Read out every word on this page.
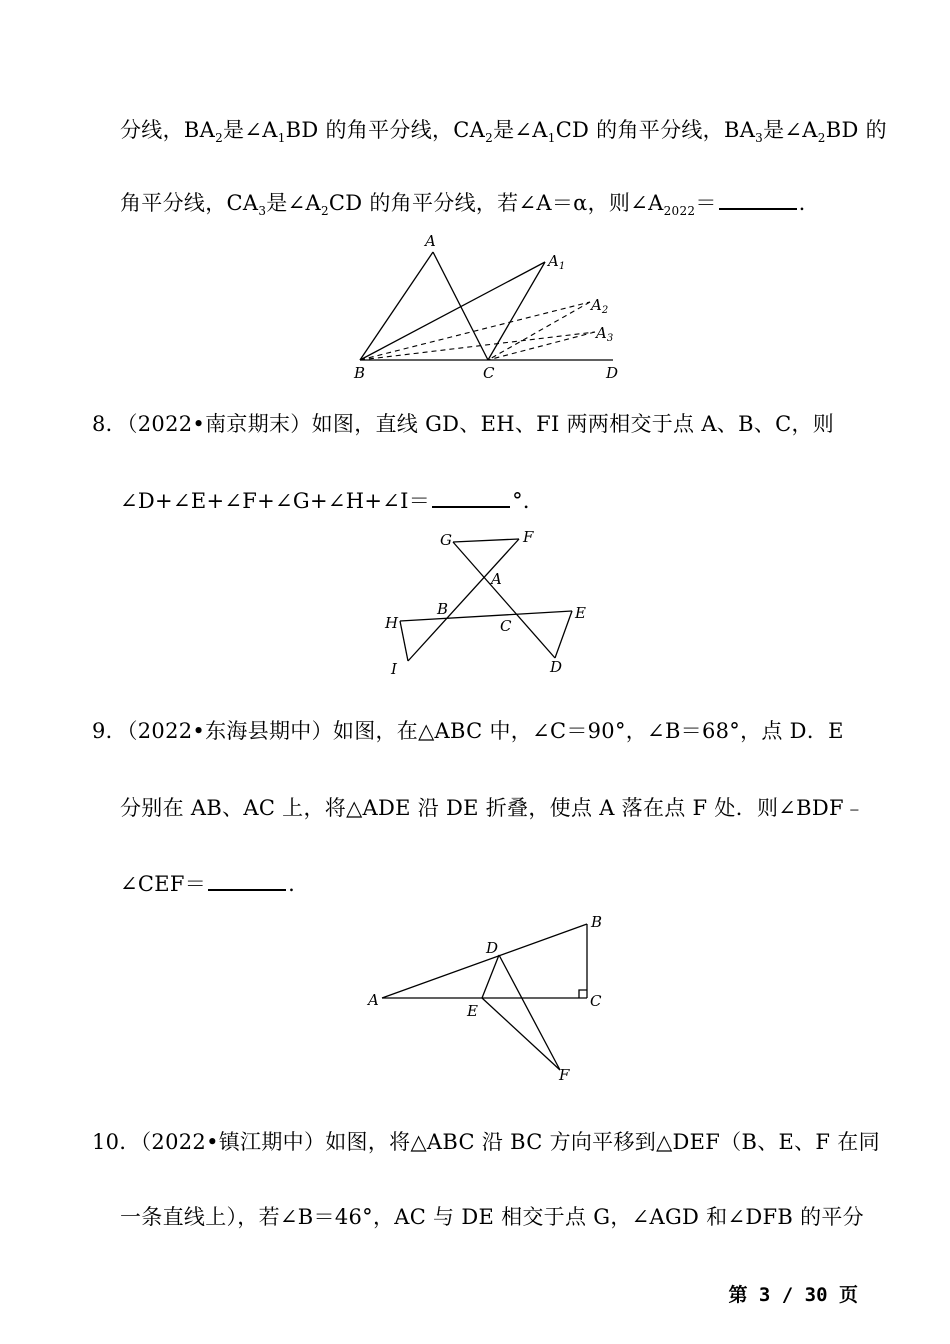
分线，$BA_2$是$\angle A_1BD$ 的角平分线，$CA_2$是$\angle A_1CD$ 的角平分线，$BA_3$是$\angle A_2BD$ 的
角平分线，$CA_3$是$\angle A_2CD$ 的角平分线，若∠A＝α，则$\angle A_{2022}=$	.
A
$A_1$
$A_2$
$A_3$
B	C	D
8．（2022•南京期末）如图，直线 GD、EH、FI 两两相交于点 A、B、C，则
∠D+∠E+∠F+∠G+∠H+∠I＝	°．
G	F
A
B	E
H	C
I	D
9．（2022•东海县期中）如图，在△ABC 中，∠C＝90°，∠B＝68°，点 D．E
分别在 AB、AC 上，将△ADE 沿 DE 折叠，使点 A 落在点 F 处．则∠BDF﹣
∠CEF＝	.
A
B
C
D
E
F
10．（2022•镇江期中）如图，将△ABC 沿 BC 方向平移到△DEF（B、E、F 在同
一条直线上），若∠B＝46°，AC 与 DE 相交于点 G，∠AGD 和∠DFB 的平分
第 3 / 30 页
